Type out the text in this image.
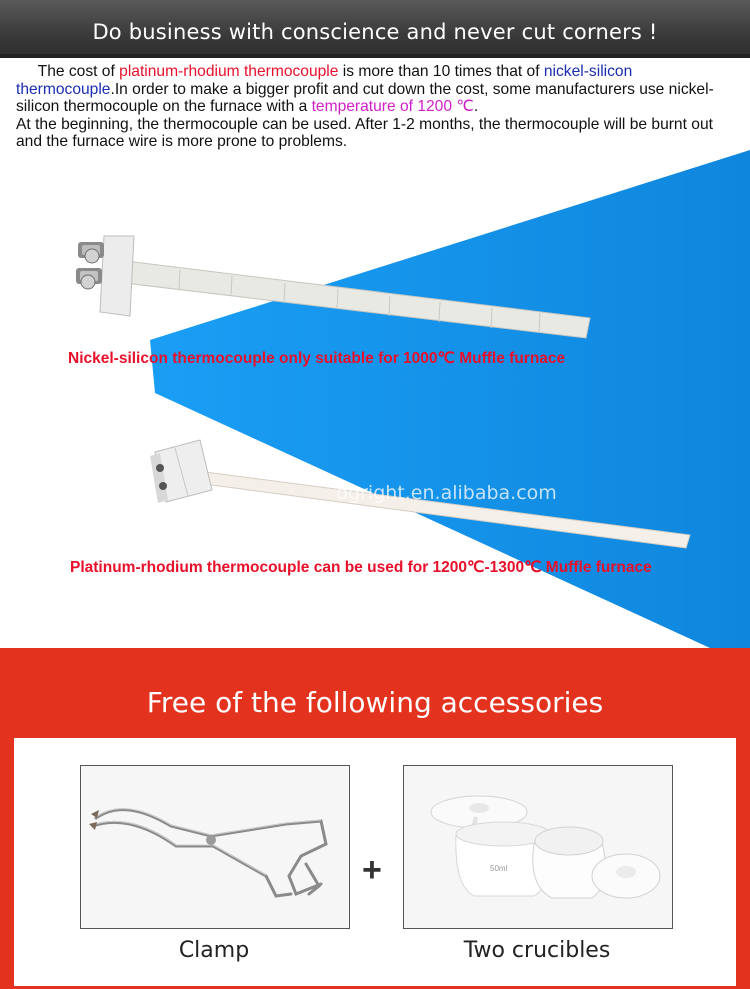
Do business with conscience and never cut corners !

The cost of platinum-rhodium thermocouple is more than 10 times that of nickel-silicon thermocouple.In order to make a bigger profit and cut down the cost, some manufacturers use nickel-silicon thermocouple on the furnace with a temperature of 1200 ℃.

At the beginning, the thermocouple can be used. After 1-2 months, the thermocouple will be burnt out and the furnace wire is more prone to problems.

Nickel-silicon thermocouple only suitable for 1000℃ Muffle furnace
dgright.en.alibaba.com
Platinum-rhodium thermocouple can be used for 1200℃-1300℃ Muffle furnace
Free of the following accessories
+	50ml
Clamp	Two crucibles
